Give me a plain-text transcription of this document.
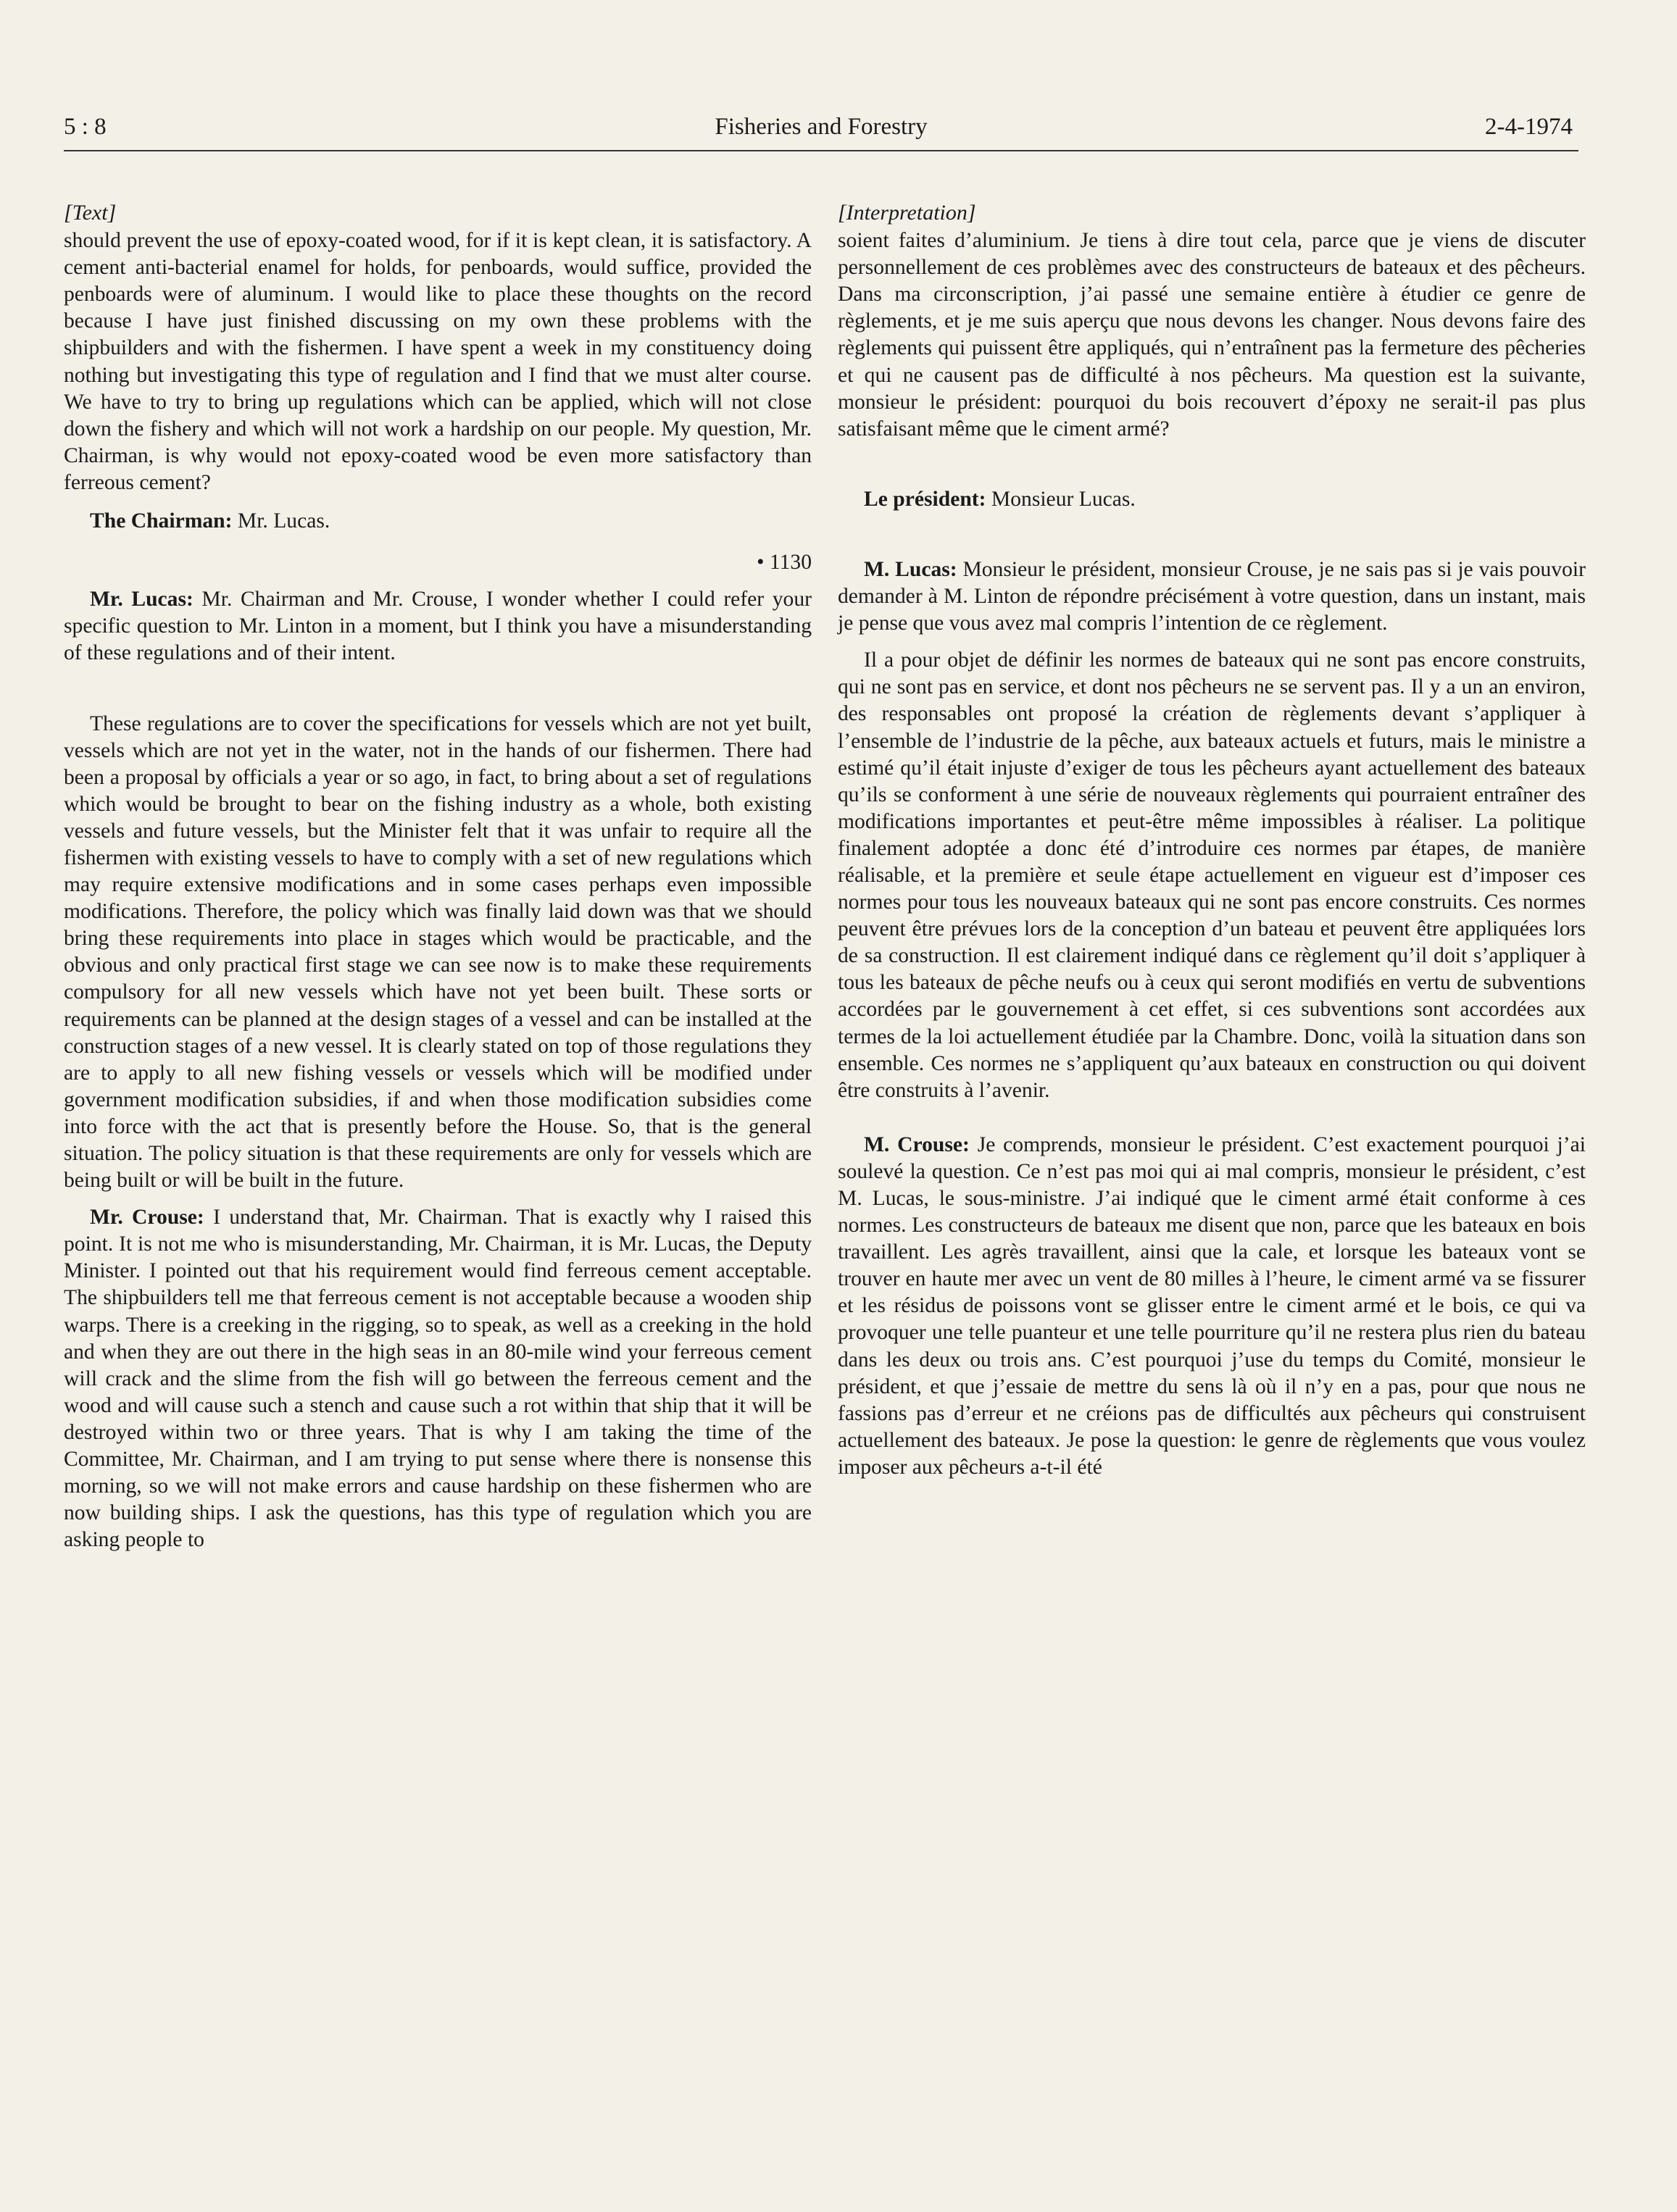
5 : 8	Fisheries and Forestry	2-4-1974
[Text]

should prevent the use of epoxy-coated wood, for if it is kept clean, it is satisfactory. A cement anti-bacterial enamel for holds, for penboards, would suffice, provided the penboards were of aluminum. I would like to place these thoughts on the record because I have just finished discussing on my own these problems with the shipbuilders and with the fishermen. I have spent a week in my constituency doing nothing but investigating this type of regulation and I find that we must alter course. We have to try to bring up regulations which can be applied, which will not close down the fishery and which will not work a hardship on our people. My question, Mr. Chairman, is why would not epoxy-coated wood be even more satisfactory than ferreous cement?

The Chairman: Mr. Lucas.

• 1130

Mr. Lucas: Mr. Chairman and Mr. Crouse, I wonder whether I could refer your specific question to Mr. Linton in a moment, but I think you have a misunderstanding of these regulations and of their intent.

These regulations are to cover the specifications for vessels which are not yet built, vessels which are not yet in the water, not in the hands of our fishermen. There had been a proposal by officials a year or so ago, in fact, to bring about a set of regulations which would be brought to bear on the fishing industry as a whole, both existing vessels and future vessels, but the Minister felt that it was unfair to require all the fishermen with existing vessels to have to comply with a set of new regulations which may require extensive modifications and in some cases perhaps even impossible modifications. Therefore, the policy which was finally laid down was that we should bring these requirements into place in stages which would be practicable, and the obvious and only practical first stage we can see now is to make these requirements compulsory for all new vessels which have not yet been built. These sorts or requirements can be planned at the design stages of a vessel and can be installed at the construction stages of a new vessel. It is clearly stated on top of those regulations they are to apply to all new fishing vessels or vessels which will be modified under government modification subsidies, if and when those modification subsidies come into force with the act that is presently before the House. So, that is the general situation. The policy situation is that these requirements are only for vessels which are being built or will be built in the future.

Mr. Crouse: I understand that, Mr. Chairman. That is exactly why I raised this point. It is not me who is misunderstanding, Mr. Chairman, it is Mr. Lucas, the Deputy Minister. I pointed out that his requirement would find ferreous cement acceptable. The shipbuilders tell me that ferreous cement is not acceptable because a wooden ship warps. There is a creeking in the rigging, so to speak, as well as a creeking in the hold and when they are out there in the high seas in an 80-mile wind your ferreous cement will crack and the slime from the fish will go between the ferreous cement and the wood and will cause such a stench and cause such a rot within that ship that it will be destroyed within two or three years. That is why I am taking the time of the Committee, Mr. Chairman, and I am trying to put sense where there is nonsense this morning, so we will not make errors and cause hardship on these fishermen who are now building ships. I ask the questions, has this type of regulation which you are asking people to

[Interpretation]

soient faites d’aluminium. Je tiens à dire tout cela, parce que je viens de discuter personnellement de ces problèmes avec des constructeurs de bateaux et des pêcheurs. Dans ma circonscription, j’ai passé une semaine entière à étudier ce genre de règlements, et je me suis aperçu que nous devons les changer. Nous devons faire des règlements qui puissent être appliqués, qui n’entraînent pas la fermeture des pêcheries et qui ne causent pas de difficulté à nos pêcheurs. Ma question est la suivante, monsieur le président: pourquoi du bois recouvert d’époxy ne serait-il pas plus satisfaisant même que le ciment armé?

Le président: Monsieur Lucas.

M. Lucas: Monsieur le président, monsieur Crouse, je ne sais pas si je vais pouvoir demander à M. Linton de répondre précisément à votre question, dans un instant, mais je pense que vous avez mal compris l’intention de ce règlement.

Il a pour objet de définir les normes de bateaux qui ne sont pas encore construits, qui ne sont pas en service, et dont nos pêcheurs ne se servent pas. Il y a un an environ, des responsables ont proposé la création de règlements devant s’appliquer à l’ensemble de l’industrie de la pêche, aux bateaux actuels et futurs, mais le ministre a estimé qu’il était injuste d’exiger de tous les pêcheurs ayant actuellement des bateaux qu’ils se conforment à une série de nouveaux règlements qui pourraient entraîner des modifications importantes et peut-être même impossibles à réaliser. La politique finalement adoptée a donc été d’introduire ces normes par étapes, de manière réalisable, et la première et seule étape actuellement en vigueur est d’imposer ces normes pour tous les nouveaux bateaux qui ne sont pas encore construits. Ces normes peuvent être prévues lors de la conception d’un bateau et peuvent être appliquées lors de sa construction. Il est clairement indiqué dans ce règlement qu’il doit s’appliquer à tous les bateaux de pêche neufs ou à ceux qui seront modifiés en vertu de subventions accordées par le gouvernement à cet effet, si ces subventions sont accordées aux termes de la loi actuellement étudiée par la Chambre. Donc, voilà la situation dans son ensemble. Ces normes ne s’appliquent qu’aux bateaux en construction ou qui doivent être construits à l’avenir.

M. Crouse: Je comprends, monsieur le président. C’est exactement pourquoi j’ai soulevé la question. Ce n’est pas moi qui ai mal compris, monsieur le président, c’est M. Lucas, le sous-ministre. J’ai indiqué que le ciment armé était conforme à ces normes. Les constructeurs de bateaux me disent que non, parce que les bateaux en bois travaillent. Les agrès travaillent, ainsi que la cale, et lorsque les bateaux vont se trouver en haute mer avec un vent de 80 milles à l’heure, le ciment armé va se fissurer et les résidus de poissons vont se glisser entre le ciment armé et le bois, ce qui va provoquer une telle puanteur et une telle pourriture qu’il ne restera plus rien du bateau dans les deux ou trois ans. C’est pourquoi j’use du temps du Comité, monsieur le président, et que j’essaie de mettre du sens là où il n’y en a pas, pour que nous ne fassions pas d’erreur et ne créions pas de difficultés aux pêcheurs qui construisent actuellement des bateaux. Je pose la question: le genre de règlements que vous voulez imposer aux pêcheurs a-t-il été
